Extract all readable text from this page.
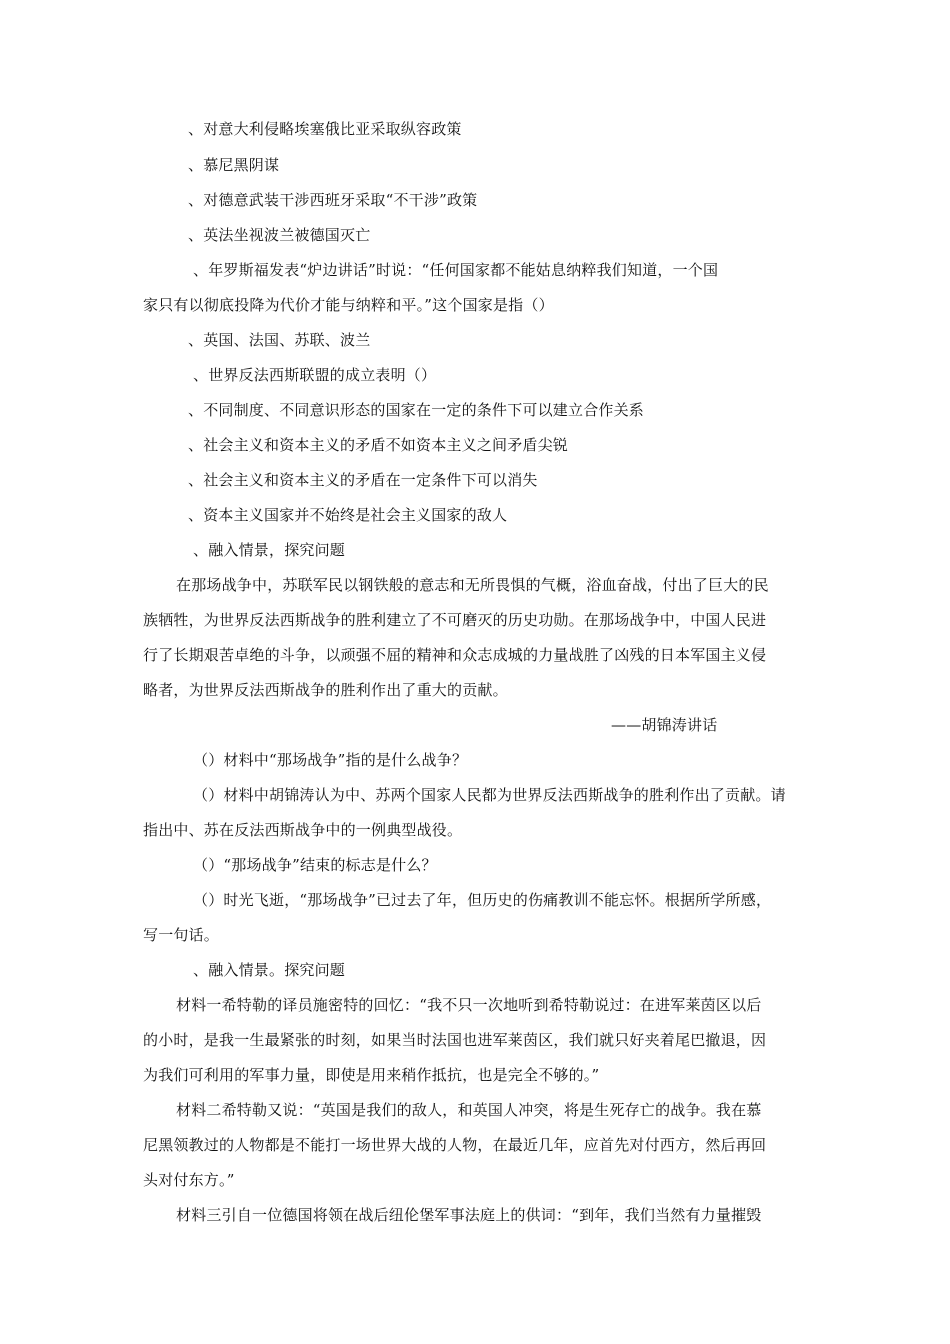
、对意大利侵略埃塞俄比亚采取纵容政策
、慕尼黑阴谋
、对德意武装干涉西班牙采取“不干涉”政策
、英法坐视波兰被德国灭亡
、年罗斯福发表“炉边讲话”时说：“任何国家都不能姑息纳粹我们知道，一个国
家只有以彻底投降为代价才能与纳粹和平。”这个国家是指（）
、英国、法国、苏联、波兰
、世界反法西斯联盟的成立表明（）
、不同制度、不同意识形态的国家在一定的条件下可以建立合作关系
、社会主义和资本主义的矛盾不如资本主义之间矛盾尖锐
、社会主义和资本主义的矛盾在一定条件下可以消失
、资本主义国家并不始终是社会主义国家的敌人
、融入情景，探究问题
在那场战争中，苏联军民以钢铁般的意志和无所畏惧的气概，浴血奋战，付出了巨大的民
族牺牲，为世界反法西斯战争的胜利建立了不可磨灭的历史功勋。在那场战争中，中国人民进
行了长期艰苦卓绝的斗争，以顽强不屈的精神和众志成城的力量战胜了凶残的日本军国主义侵
略者，为世界反法西斯战争的胜利作出了重大的贡献。
——胡锦涛讲话
（）材料中“那场战争”指的是什么战争？
（）材料中胡锦涛认为中、苏两个国家人民都为世界反法西斯战争的胜利作出了贡献。请
指出中、苏在反法西斯战争中的一例典型战役。
（）“那场战争”结束的标志是什么？
（）时光飞逝，“那场战争”已过去了年，但历史的伤痛教训不能忘怀。根据所学所感，
写一句话。
、融入情景。探究问题
材料一希特勒的译员施密特的回忆：“我不只一次地听到希特勒说过：在进军莱茵区以后
的小时，是我一生最紧张的时刻，如果当时法国也进军莱茵区，我们就只好夹着尾巴撤退，因
为我们可利用的军事力量，即使是用来稍作抵抗，也是完全不够的。”
材料二希特勒又说：“英国是我们的敌人，和英国人冲突，将是生死存亡的战争。我在慕
尼黑领教过的人物都是不能打一场世界大战的人物，在最近几年，应首先对付西方，然后再回
头对付东方。”
材料三引自一位德国将领在战后纽伦堡军事法庭上的供词：“到年，我们当然有力量摧毁
